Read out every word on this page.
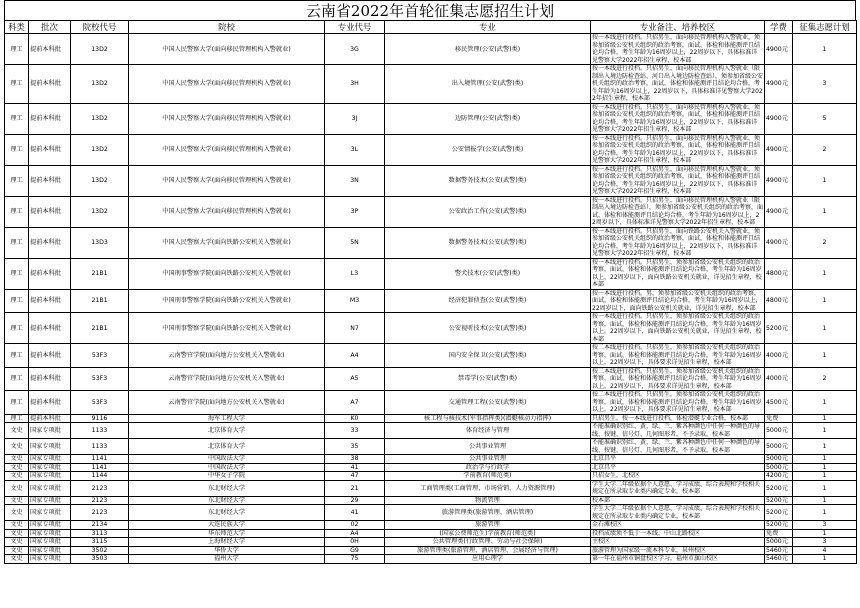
云南省2022年首轮征集志愿招生计划
科类	批次	院校代号	院校	专业代号	专业	专业备注、培养校区	学费	征集志愿计划
理工	提前本科批	13D2	中国人民警察大学(面向移民管理机构入警就业)	3G	移民管理(公安(武警)类)	按一本线进行投档。只招男生，面向移民管理机构入警就业，须参加省级公安机关组织的政治考察，面试，体检和体能测评且结论均合格，考生年龄为16周岁以上，22周岁以下，具体标准详见警察大学2022年招生章程，校本部	4900元	1
理工	提前本科批	13D2	中国人民警察大学(面向移民管理机构入警就业)	3H	出入境管理(公安(武警)类)	按一本线进行投档。只招男生，面向移民管理机构入警就业（限制出入境边防检查站、河口出入境边防检查站），须参加省级公安机关组织的政治考察，面试，体检和体能测评且结论均合格，考生年龄为16周岁以上，22周岁以下，具体标准详见警察大学2022年招生章程，校本部	4900元	3
理工	提前本科批	13D2	中国人民警察大学(面向移民管理机构入警就业)	3J	边防管理(公安(武警)类)	按一本线进行投档。只招男生，面向移民管理机构入警就业，须参加省级公安机关组织的政治考察，面试，体检和体能测评且结论均合格，考生年龄为16周岁以上，22周岁以下，具体标准详见警察大学2022年招生章程，校本部	4900元	5
理工	提前本科批	13D2	中国人民警察大学(面向移民管理机构入警就业)	3L	公安情报学(公安(武警)类)	按一本线进行投档。只招男生，面向移民管理机构入警就业，须参加省级公安机关组织的政治考察，面试，体检和体能测评且结论均合格，考生年龄为16周岁以上，22周岁以下，具体标准详见警察大学2022年招生章程，校本部	4900元	2
理工	提前本科批	13D2	中国人民警察大学(面向移民管理机构入警就业)	3N	数据警务技术(公安(武警)类)	按一本线进行投档。只招男生，面向移民管理机构入警就业，须参加省级公安机关组织的政治考察，面试，体检和体能测评且结论均合格，考生年龄为16周岁以上，22周岁以下，具体标准详见警察大学2022年招生章程，校本部	4900元	1
理工	提前本科批	13D2	中国人民警察大学(面向移民管理机构入警就业)	3P	公安政治工作(公安(武警)类)	按一本线进行投档。只招男生，面向移民管理机构入警就业（限制出入境边防检查站），须参加省级公安机关组织的政治考察，面试，体检和体能测评且结论均合格，考生年龄为16周岁以上，22周岁以下，具体标准详见警察大学2022年招生章程，校本部	4900元	1
理工	提前本科批	13D3	中国人民警察大学(面向铁路公安机关入警就业)	5N	数据警务技术(公安(武警)类)	按一本线进行投档。只招男生，面向铁路公安机关入警就业，须参加省级公安机关组织的政治考察，面试，体检和体能测评且结论均合格，考生年龄为16周岁以上，22周岁以下，具体标准详见警察大学2022年招生章程，校本部	4900元	2
理工	提前本科批	21B1	中国刑事警察学院(面向铁路公安机关入警就业)	L3	警犬技术(公安(武警)类)	按一本线进行投档。只招男生，须参加省级公安机关组织的政治考察，面试，体检和体能测评且结论均合格，考生年龄为16周岁以上，22周岁以下，面向铁路公安机关就业，详见招生章程，校本部	4800元	1
理工	提前本科批	21B1	中国刑事警察学院(面向铁路公安机关入警就业)	M3	经济犯罪侦查(公安(武警)类)	按一本线进行投档。男，须参加省级公安机关组织的政治考察，面试，体检和体能测评且结论均合格，考生年龄为16周岁以上，22周岁以下，面向铁路公安机关就业，详见招生章程，校本部	4800元	1
理工	提前本科批	21B1	中国刑事警察学院(面向铁路公安机关入警就业)	N7	公安视听技术(公安(武警)类)	按一本线进行投档。只招男生，须参加省级公安机关组织的政治考察，面试，体检和体能测评且结论均合格，考生年龄为16周岁以上，22周岁以下，面向铁路公安机关就业，详见招生章程，校本部	5200元	1
理工	提前本科批	53F3	云南警官学院(面向地方公安机关入警就业)	A4	国内安全保卫(公安(武警)类)	按二本线进行投档。只招男生，须参加省级公安机关组织的政治考察，面试，体检和体能测评且结论均合格，考生年龄为16周岁以上，22周岁以下，具体要求详见招生章程，校本部	4000元	1
理工	提前本科批	53F3	云南警官学院(面向地方公安机关入警就业)	A5	禁毒学(公安(武警)类)	按二本线进行投档。只招男生，须参加省级公安机关组织的政治考察，面试，体检和体能测评且结论均合格，考生年龄为16周岁以上，22周岁以下，具体要求详见招生章程，校本部	4000元	2
理工	提前本科批	53F3	云南警官学院(面向地方公安机关入警就业)	A7	交通管理工程(公安(武警)类)	按二本线进行投档。只招男生，须参加省级公安机关组织的政治考察，面试，体检和体能测评且结论均合格，考生年龄为16周岁以上，22周岁以下，具体要求详见招生章程，校本部	4500元	1
理工	提前本科批	9116	海军工程大学	K0	核工程与核技术(军事指挥类)(潜艇核动力指挥)	只招男生，按一本线进行投档，体检潜艇专业合格，校本部	免费	1
文史	国家专项批	1133	北京体育大学	33	体育经济与管理	不能准确识别红、黄、绿、兰、紫各种颜色中任何一种颜色的导线、按键、信号灯、几何图形者，不予录取，校本部	5000元	1
文史	国家专项批	1133	北京体育大学	35	公共事业管理	不能准确识别红、黄、绿、兰、紫各种颜色中任何一种颜色的导线、按键、信号灯、几何图形者，不予录取，校本部	5000元	1
文史	国家专项批	1141	中国政法大学	38	公共事业管理	北京昌平	5000元	1
文史	国家专项批	1141	中国政法大学	41	政治学与行政学	北京昌平	5000元	1
文史	国家专项批	1144	中华女子学院	47	学前教育(师范类)	只招女生，北校区	4200元	1
文史	国家专项批	2123	东北财经大学	21	工商管理类(工商管理、市场营销、人力资源管理)	学生大学二年级依据个人意愿、学习成绩、综合表现和学校相关规定在所录取专业类内确定专业，校本部	5200元	1
文史	国家专项批	2123	东北财经大学	29	物流管理	校本部	5200元	1
文史	国家专项批	2123	东北财经大学	41	旅游管理类(旅游管理、酒店管理)	学生大学二年级依据个人意愿、学习成绩、综合表现和学校相关规定在所录取专业类内确定专业，校本部	5200元	1
文史	国家专项批	2134	大连民族大学	02	旅游管理	金石滩校区	5200元	3
文史	国家专项批	3113	华东师范大学	A4	(国家公费师范生)学前教育(师范类)	投档成绩须不低于一本线，中山北路校区	免费	1
文史	国家专项批	3115	上海财经大学	0H	公共管理类(行政管理、劳动与社会保障)	主校区	5000元	3
文史	国家专项批	3502	华侨大学	G9	旅游管理类(旅游管理、酒店管理、会展经济与管理)	旅游管理为国家级一流本科专业，泉州校区	5460元	4
文史	国家专项批	3503	福州大学	75	应用心理学	第一年在福州市铜盘校区学习，福州市旗山校区	5460元	1
